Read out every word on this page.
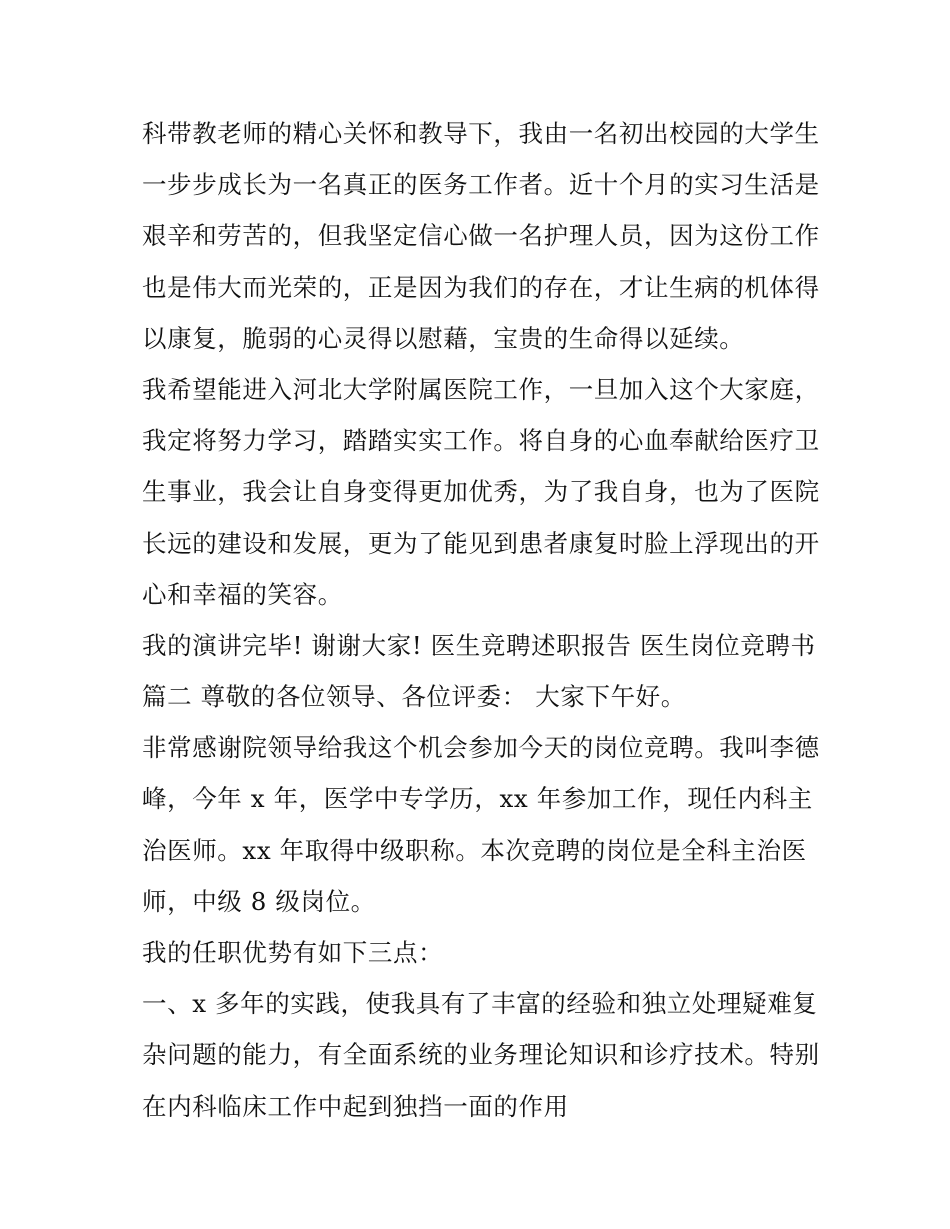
科带教老师的精心关怀和教导下，我由一名初出校园的大学生
一步步成长为一名真正的医务工作者。近十个月的实习生活是
艰辛和劳苦的，但我坚定信心做一名护理人员，因为这份工作
也是伟大而光荣的，正是因为我们的存在，才让生病的机体得
以康复，脆弱的心灵得以慰藉，宝贵的生命得以延续。
我希望能进入河北大学附属医院工作，一旦加入这个大家庭，
我定将努力学习，踏踏实实工作。将自身的心血奉献给医疗卫
生事业，我会让自身变得更加优秀，为了我自身，也为了医院
长远的建设和发展，更为了能见到患者康复时脸上浮现出的开
心和幸福的笑容。
我的演讲完毕! 谢谢大家! 医生竞聘述职报告 医生岗位竞聘书
篇二 尊敬的各位领导、各位评委： 大家下午好。
非常感谢院领导给我这个机会参加今天的岗位竞聘。我叫李德
峰，今年 x 年，医学中专学历，xx 年参加工作，现任内科主
治医师。xx 年取得中级职称。本次竞聘的岗位是全科主治医
师，中级 8 级岗位。
我的任职优势有如下三点：
一、x 多年的实践，使我具有了丰富的经验和独立处理疑难复
杂问题的能力，有全面系统的业务理论知识和诊疗技术。特别
在内科临床工作中起到独挡一面的作用
